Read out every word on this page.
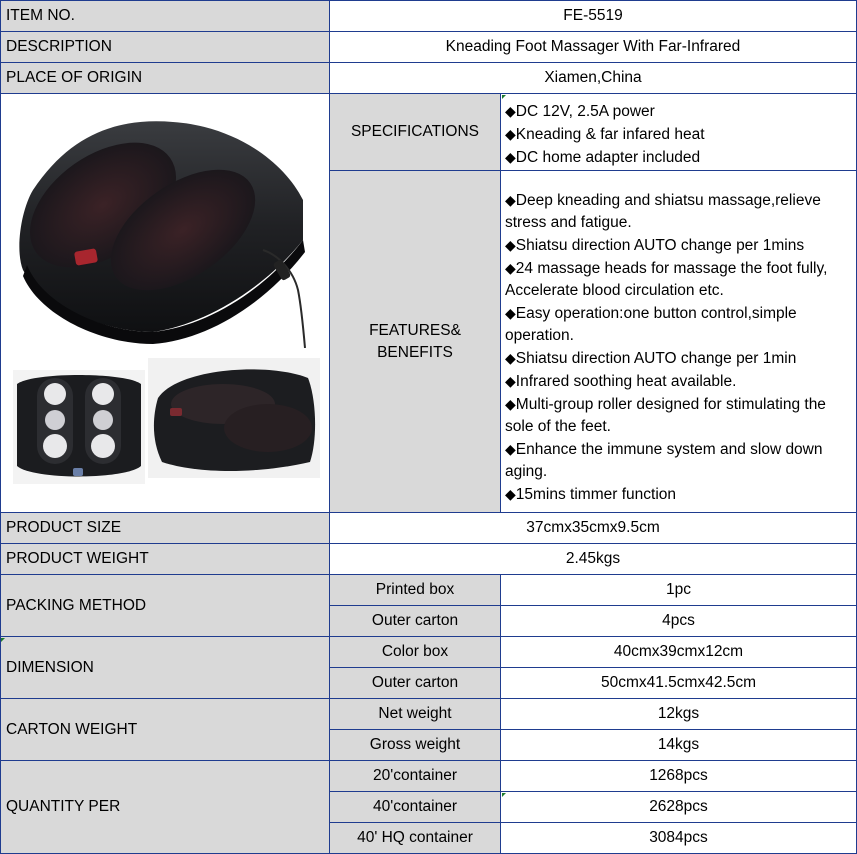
ITEM NO.	FE-5519
DESCRIPTION	Kneading Foot Massager With Far-Infrared
PLACE OF ORIGIN	Xiamen,China
SPECIFICATIONS
◆DC 12V, 2.5A power
◆Kneading & far infared heat
◆DC home adapter included
FEATURES&
BENEFITS
◆Deep kneading and shiatsu massage,relieve stress and fatigue.
◆Shiatsu direction AUTO change per 1mins
◆24 massage heads for massage the foot fully, Accelerate blood circulation etc.
◆Easy operation:one button control,simple operation.
◆Shiatsu direction AUTO change per 1min
◆Infrared soothing heat available.
◆Multi-group roller designed for stimulating the sole of the feet.
◆Enhance the immune system and slow down aging.
◆15mins timmer function
PRODUCT SIZE	37cmx35cmx9.5cm
PRODUCT WEIGHT	2.45kgs
PACKING METHOD
Printed box	1pc
Outer carton	4pcs
DIMENSION
Color box	40cmx39cmx12cm
Outer carton	50cmx41.5cmx42.5cm
CARTON WEIGHT
Net weight	12kgs
Gross weight	14kgs
QUANTITY PER
20'container	1268pcs
40'container	2628pcs
40' HQ container	3084pcs
